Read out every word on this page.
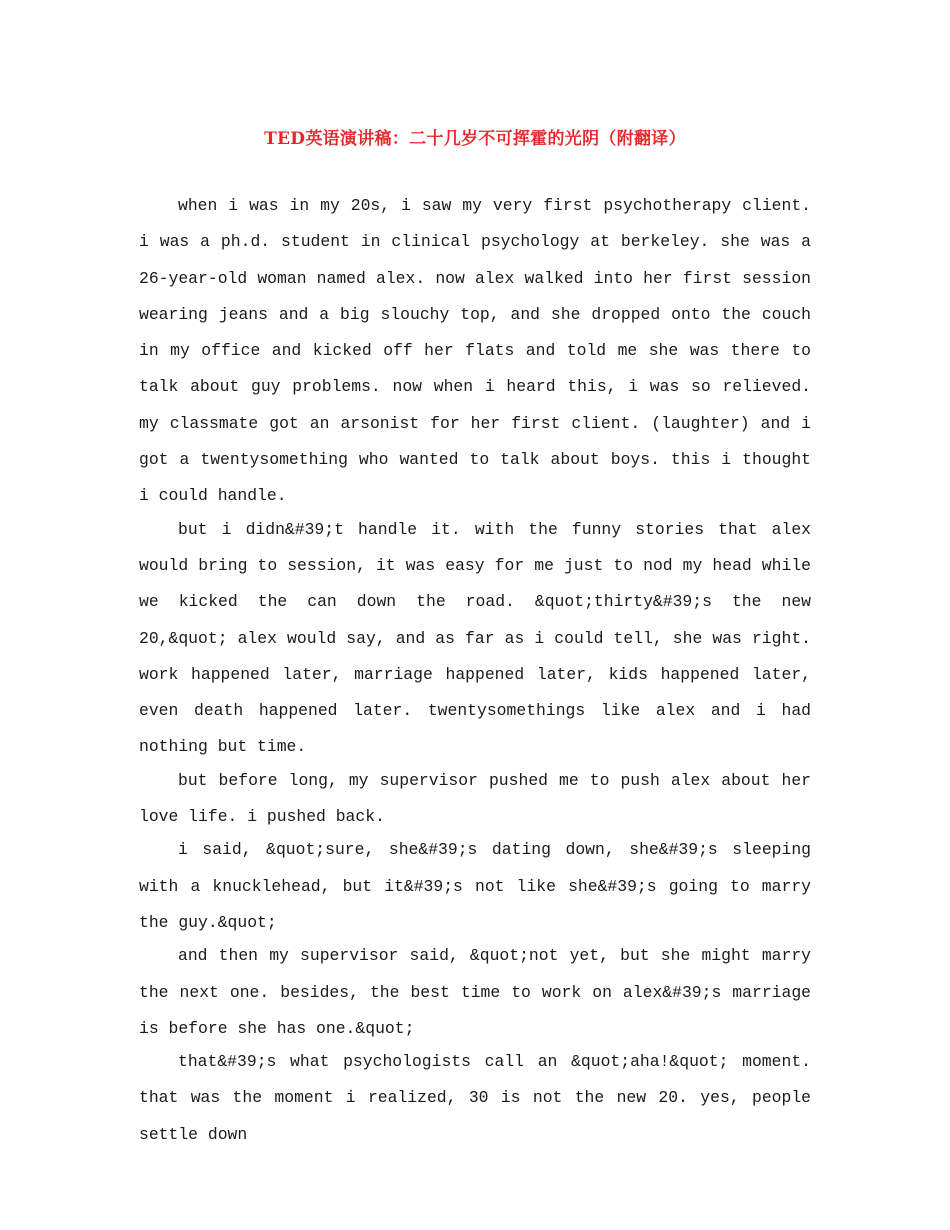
TED英语演讲稿：二十几岁不可挥霍的光阴（附翻译）

when i was in my 20s, i saw my very first psychotherapy client. i was a ph.d. student in clinical psychology at berkeley. she was a 26-year-old woman named alex. now alex walked into her first session wearing jeans and a big slouchy top, and she dropped onto the couch in my office and kicked off her flats and told me she was there to talk about guy problems. now when i heard this, i was so relieved. my classmate got an arsonist for her first client. (laughter) and i got a twentysomething who wanted to talk about boys. this i thought i could handle.

but i didn&#39;t handle it. with the funny stories that alex would bring to session, it was easy for me just to nod my head while we kicked the can down the road. &quot;thirty&#39;s the new 20,&quot; alex would say, and as far as i could tell, she was right. work happened later, marriage happened later, kids happened later, even death happened later. twentysomethings like alex and i had nothing but time.

but before long, my supervisor pushed me to push alex about her love life. i pushed back.

i said, &quot;sure, she&#39;s dating down, she&#39;s sleeping with a knucklehead, but it&#39;s not like she&#39;s going to marry the guy.&quot;

and then my supervisor said, &quot;not yet, but she might marry the next one. besides, the best time to work on alex&#39;s marriage is before she has one.&quot;

that&#39;s what psychologists call an &quot;aha!&quot; moment. that was the moment i realized, 30 is not the new 20. yes, people settle down
